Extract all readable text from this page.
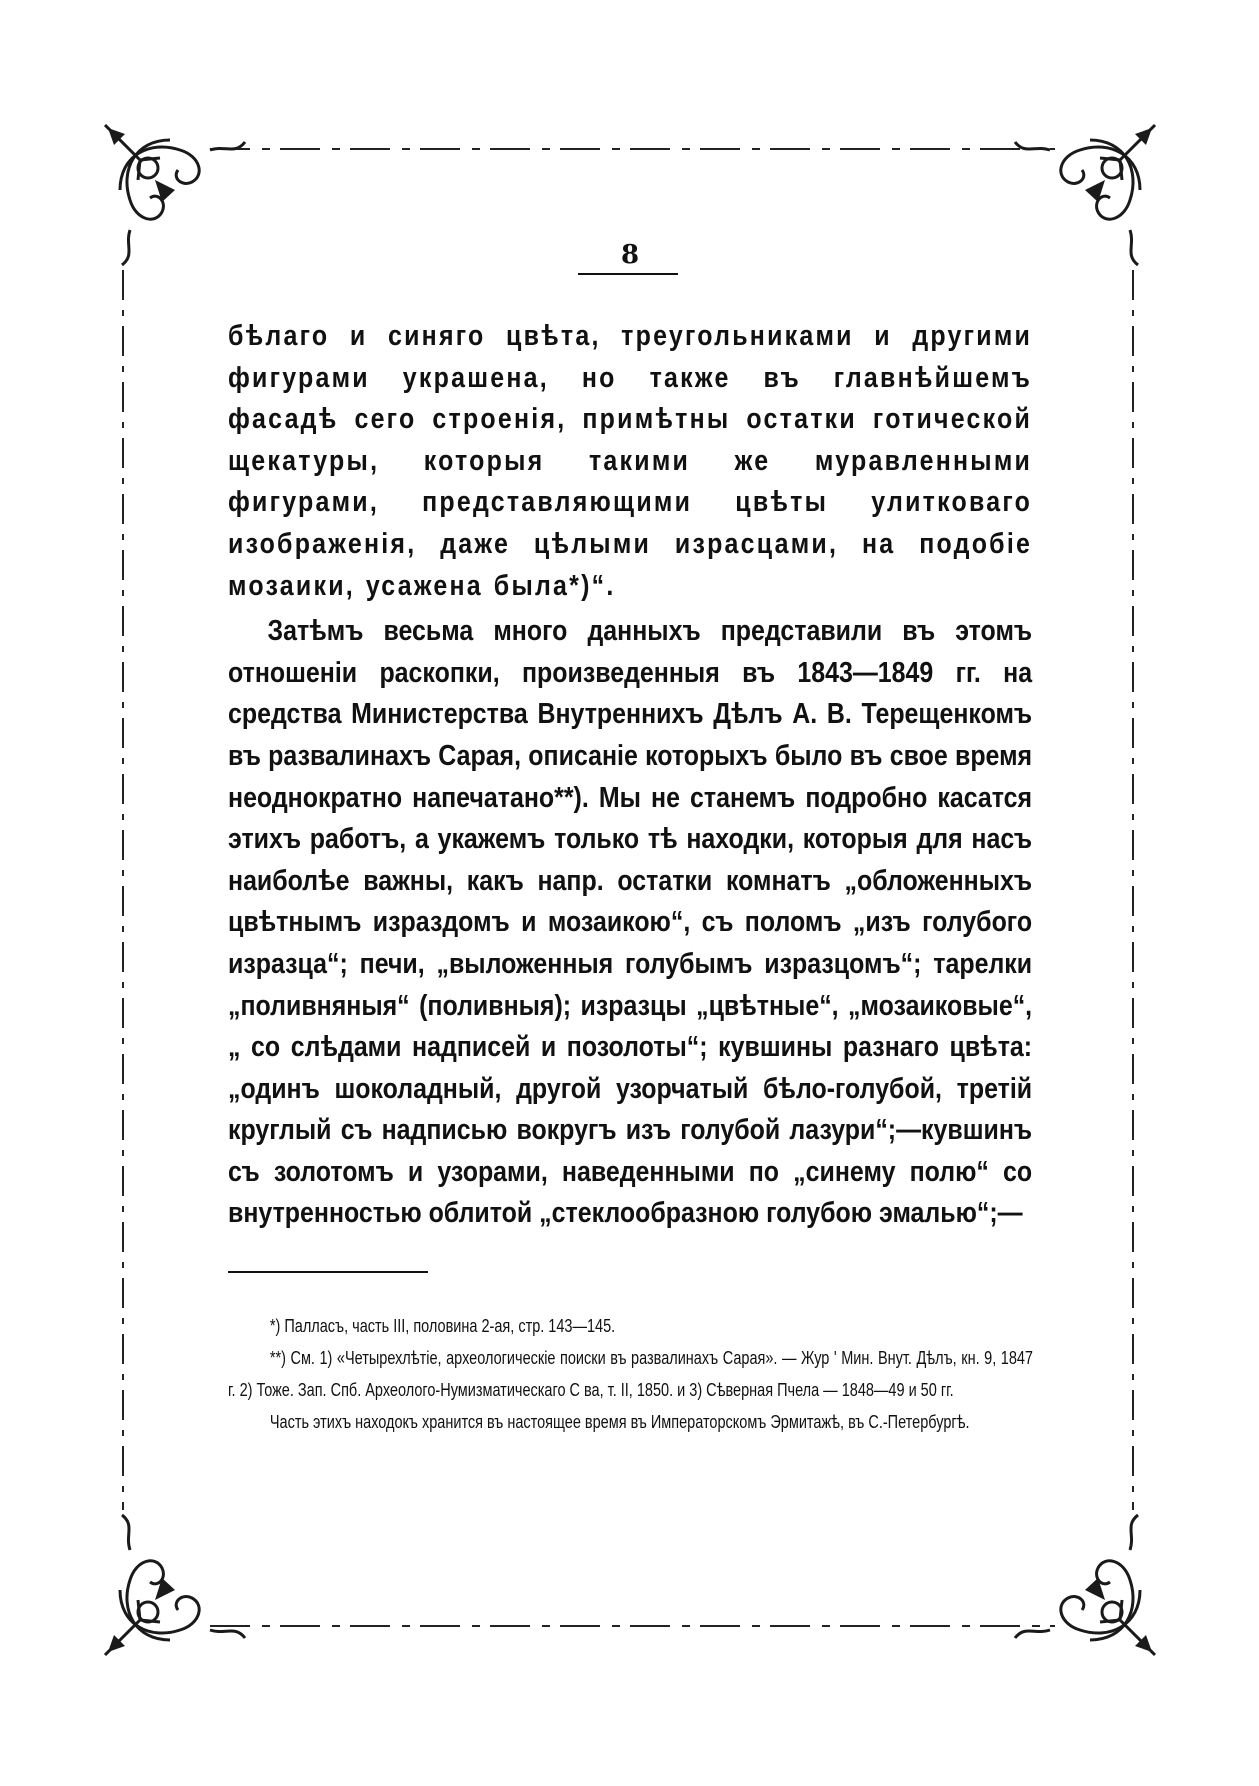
8

бѣлаго и синяго цвѣта, треугольниками и другими фигурами украшена, но также въ главнѣйшемъ фасадѣ сего строенія, примѣтны остатки готической щекатуры, которыя такими же муравленными фигурами, представляющими цвѣты улитковаго изображенія, даже цѣлыми израсцами, на подобіе мозаики, усажена была*)“.

Затѣмъ весьма много данныхъ представили въ этомъ отношеніи раскопки, произведенныя въ 1843—1849 гг. на средства Министерства Внутреннихъ Дѣлъ А. В. Терещенкомъ въ развалинахъ Сарая, описаніе которыхъ было въ свое время неоднократно напечатано**). Мы не станемъ подробно касатся этихъ работъ, а укажемъ только тѣ находки, которыя для насъ наиболѣе важны, какъ напр. остатки комнатъ „обложенныхъ цвѣтнымъ израздомъ и мозаикою“, съ поломъ „изъ голубого изразца“; печи, „выложенныя голубымъ изразцомъ“; тарелки „поливняныя“ (поливныя); изразцы „цвѣтные“, „мозаиковые“, „ со слѣдами надписей и позолоты“; кувшины разнаго цвѣта: „одинъ шоколадный, другой узорчатый бѣло-голубой, третій круглый съ надписью вокругъ изъ голубой лазури“;—кувшинъ съ золотомъ и узорами, наведенными по „синему полю“ со внутренностью облитой „стеклообразною голубою эмалью“;—

*) Палласъ, часть III, половина 2-ая, стр. 143—145.

**) См. 1) «Четырехлѣтіе, археологическіе поиски въ развалинахъ Сарая». — Жур ' Мин. Внут. Дѣлъ, кн. 9, 1847 г. 2) Тоже. Зап. Спб. Археолого-Нумизматическаго С ва, т. II, 1850. и 3) Сѣверная Пчела — 1848—49 и 50 гг.

Часть этихъ находокъ хранится въ настоящее время въ Императорскомъ Эрмитажѣ, въ С.-Петербургѣ.
